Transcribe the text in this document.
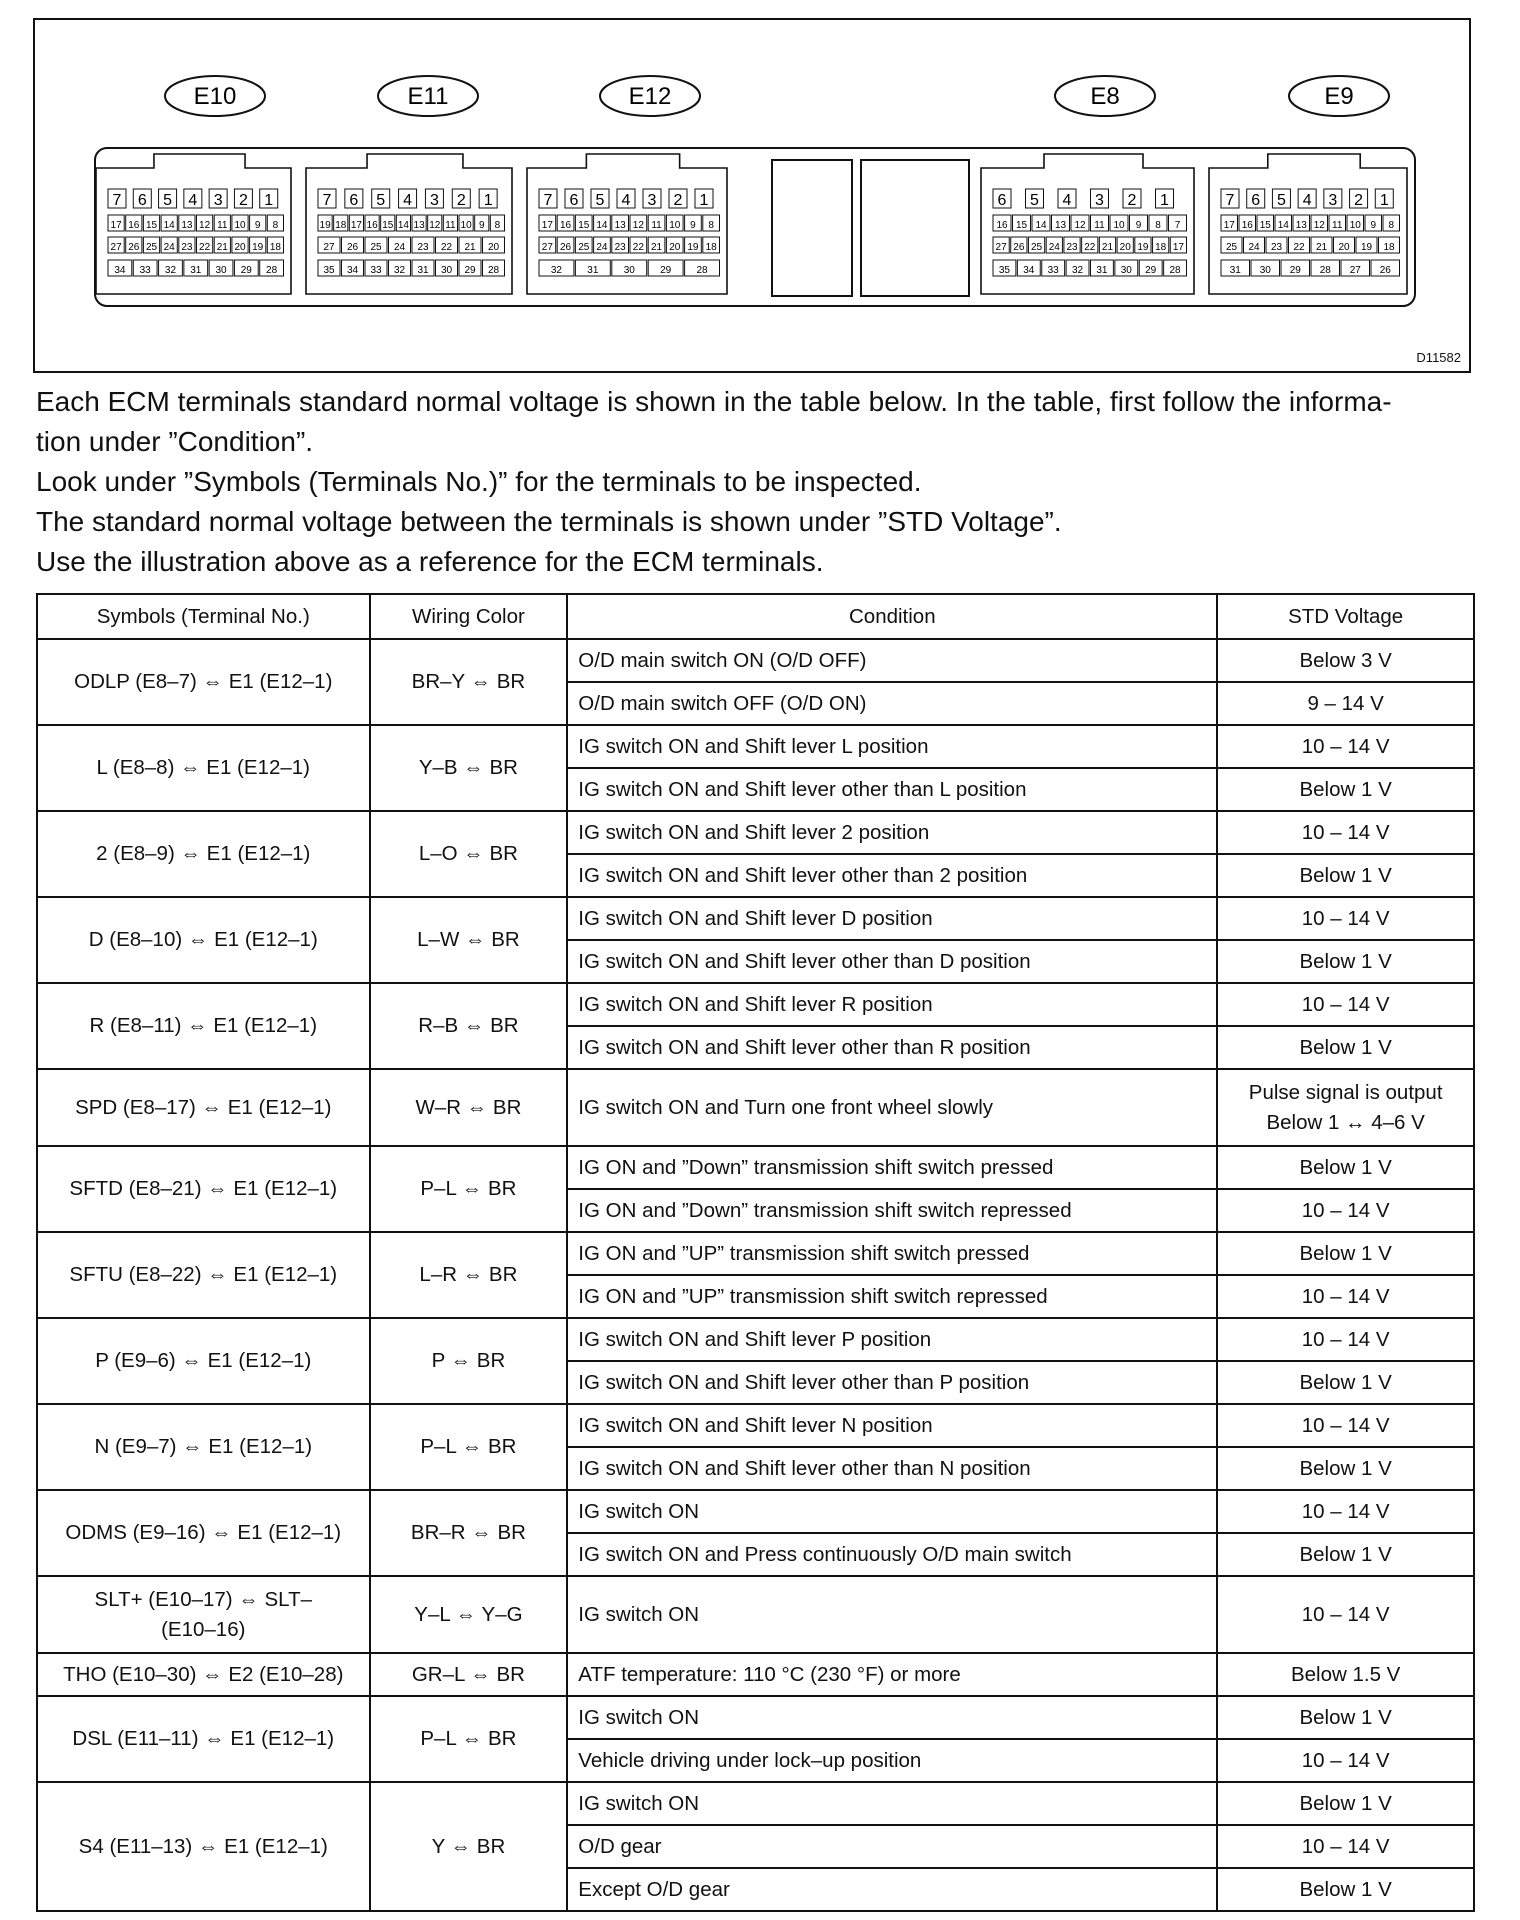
E10
7 6 5 4 3 2 1
17 16 15 14 13 12 11 10 9 8
27 26 25 24 23 22 21 20 19 18
34 33 32 31 30 29 28
E11
7 6 5 4 3 2 1
19 18 17 16 15 14 13 12 11 10 9 8
27 26 25 24 23 22 21 20
35 34 33 32 31 30 29 28
E12
7 6 5 4 3 2 1
17 16 15 14 13 12 11 10 9 8
27 26 25 24 23 22 21 20 19 18
32	31	30	29	28
E8
6 5 4 3 2 1
16 15 14 13 12 11 10 9 8 7
27 26 25 24 23 22 21 20 19 18 17
35 34 33 32 31 30 29 28
E9
7 6 5 4 3 2 1
17 16 15 14 13 12 11 10 9 8
25 24 23 22 21 20 19 18
31 30 29 28 27 26
D11582

Each ECM terminals standard normal voltage is shown in the table below. In the table, first follow the informa-

tion under ”Condition”.

Look under ”Symbols (Terminals No.)” for the terminals to be inspected.

The standard normal voltage between the terminals is shown under ”STD Voltage”.

Use the illustration above as a reference for the ECM terminals.

Symbols (Terminal No.)	Wiring Color	Condition	STD Voltage
ODLP (E8–7) ⇔ E1 (E12–1)	BR–Y ⇔ BR	O/D main switch ON (O/D OFF)	Below 3 V
		O/D main switch OFF (O/D ON)	9 – 14 V
L (E8–8) ⇔ E1 (E12–1)	Y–B ⇔ BR	IG switch ON and Shift lever L position	10 – 14 V
		IG switch ON and Shift lever other than L position	Below 1 V
2 (E8–9) ⇔ E1 (E12–1)	L–O ⇔ BR	IG switch ON and Shift lever 2 position	10 – 14 V
		IG switch ON and Shift lever other than 2 position	Below 1 V
D (E8–10) ⇔ E1 (E12–1)	L–W ⇔ BR	IG switch ON and Shift lever D position	10 – 14 V
		IG switch ON and Shift lever other than D position	Below 1 V
R (E8–11) ⇔ E1 (E12–1)	R–B ⇔ BR	IG switch ON and Shift lever R position	10 – 14 V
		IG switch ON and Shift lever other than R position	Below 1 V
SPD (E8–17) ⇔ E1 (E12–1)	W–R ⇔ BR	IG switch ON and Turn one front wheel slowly	Pulse signal is output
Below 1 ↔ 4–6 V
SFTD (E8–21) ⇔ E1 (E12–1)	P–L ⇔ BR	IG ON and ”Down” transmission shift switch pressed	Below 1 V
		IG ON and ”Down” transmission shift switch repressed	10 – 14 V
SFTU (E8–22) ⇔ E1 (E12–1)	L–R ⇔ BR	IG ON and ”UP” transmission shift switch pressed	Below 1 V
		IG ON and ”UP” transmission shift switch repressed	10 – 14 V
P (E9–6) ⇔ E1 (E12–1)	P ⇔ BR	IG switch ON and Shift lever P position	10 – 14 V
		IG switch ON and Shift lever other than P position	Below 1 V
N (E9–7) ⇔ E1 (E12–1)	P–L ⇔ BR	IG switch ON and Shift lever N position	10 – 14 V
		IG switch ON and Shift lever other than N position	Below 1 V
ODMS (E9–16) ⇔ E1 (E12–1)	BR–R ⇔ BR	IG switch ON	10 – 14 V
		IG switch ON and Press continuously O/D main switch	Below 1 V
SLT+ (E10–17) ⇔ SLT–
(E10–16)	Y–L ⇔ Y–G	IG switch ON	10 – 14 V
THO (E10–30) ⇔ E2 (E10–28)	GR–L ⇔ BR	ATF temperature: 110 °C (230 °F) or more	Below 1.5 V
DSL (E11–11) ⇔ E1 (E12–1)	P–L ⇔ BR	IG switch ON	Below 1 V
		Vehicle driving under lock–up position	10 – 14 V
S4 (E11–13) ⇔ E1 (E12–1)	Y ⇔ BR	IG switch ON	Below 1 V
		O/D gear	10 – 14 V
		Except O/D gear	Below 1 V
